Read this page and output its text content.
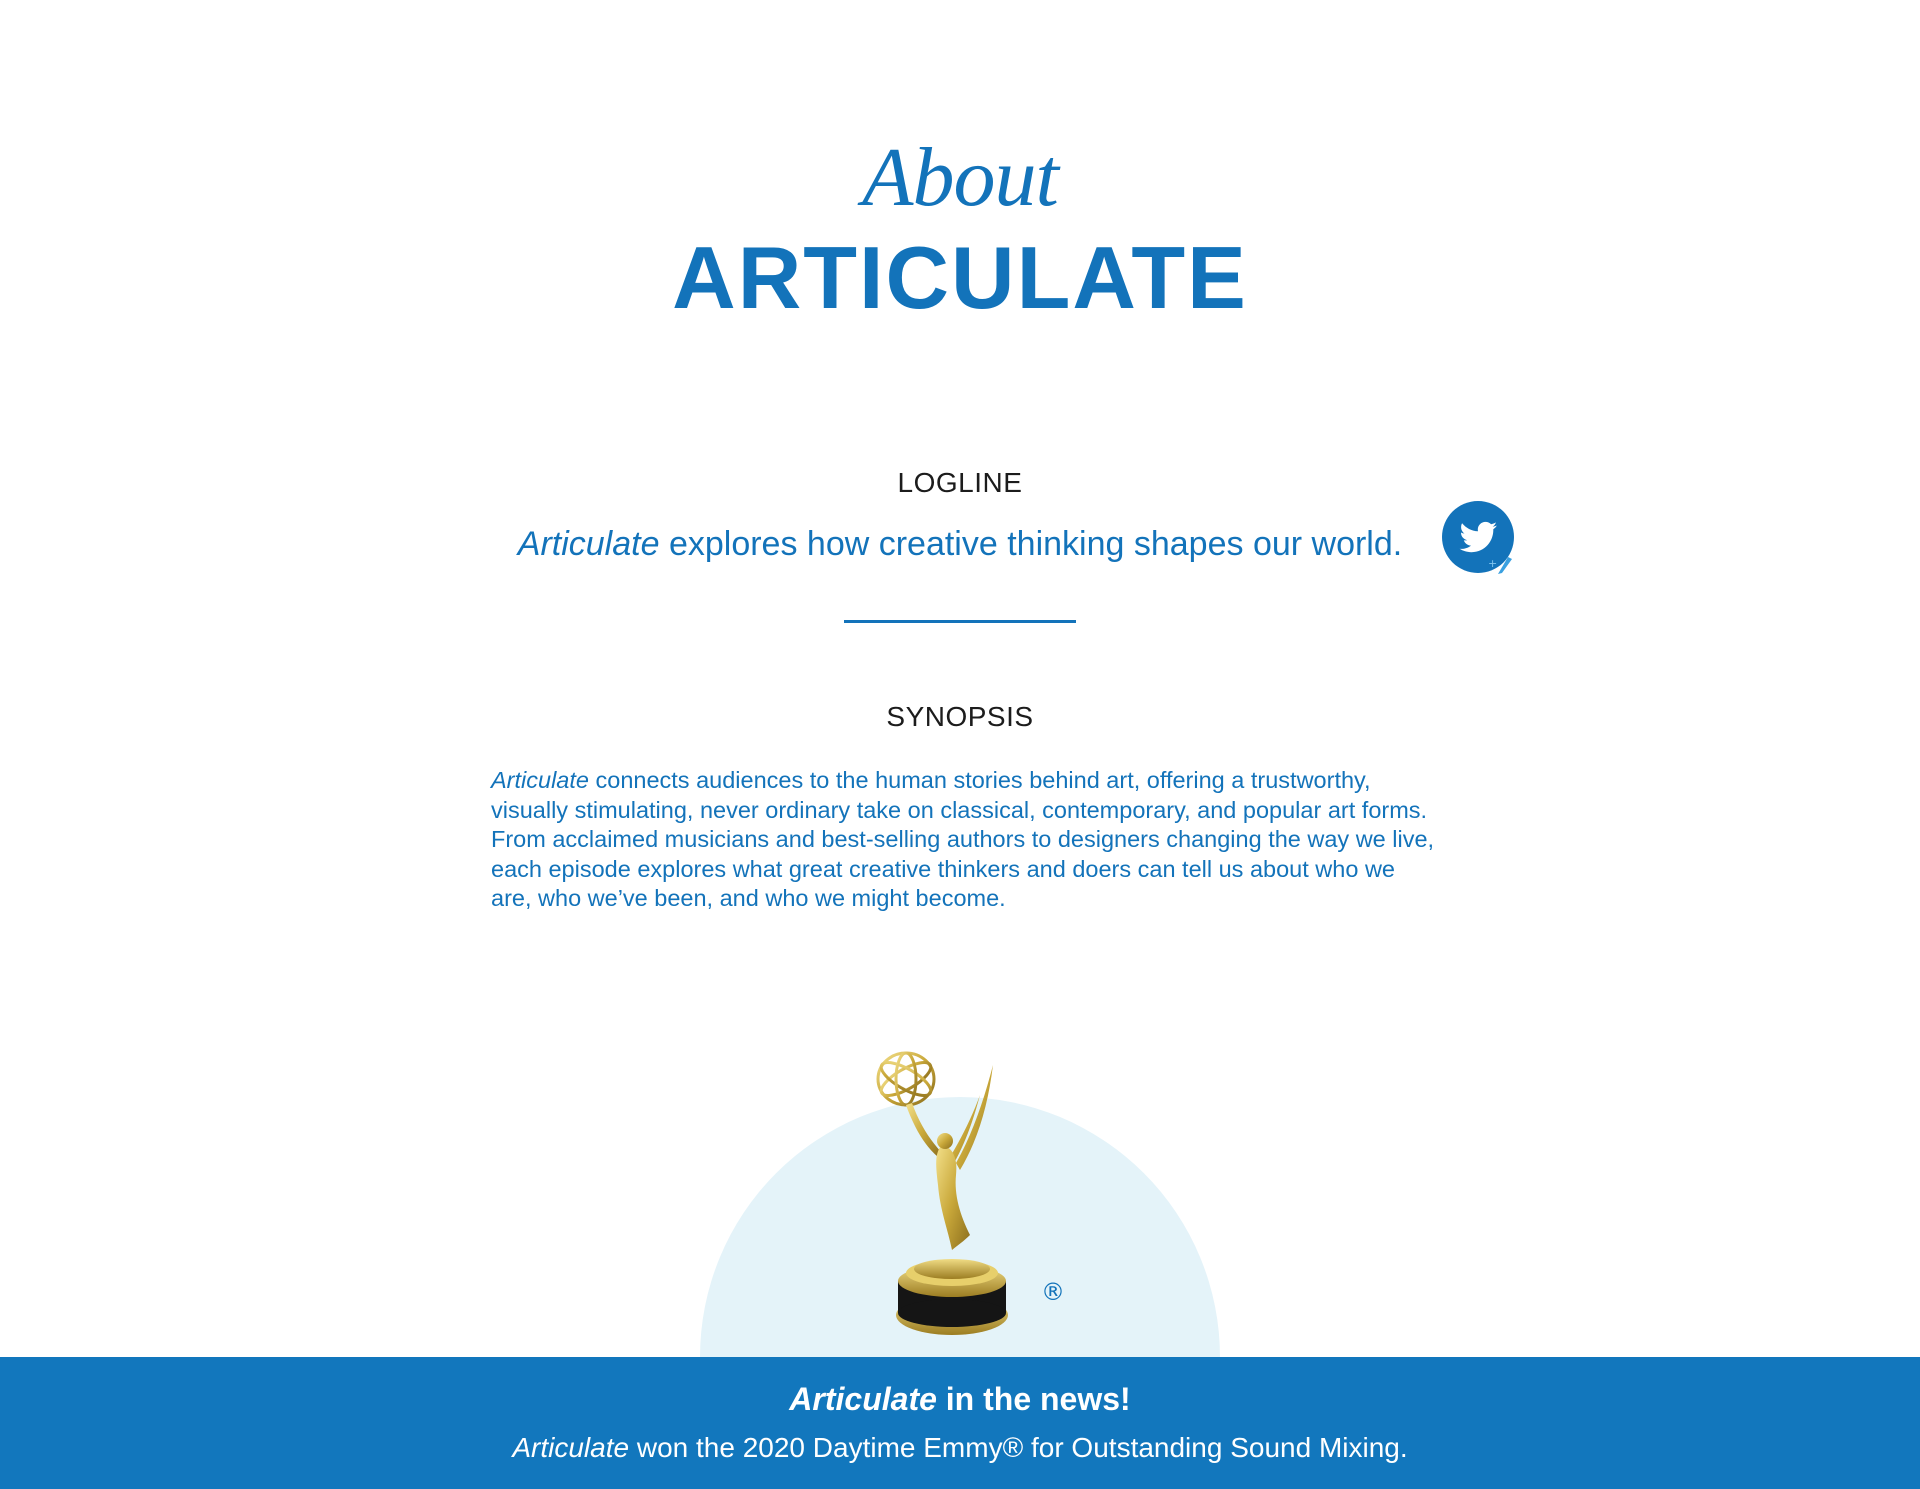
About
ARTICULATE
LOGLINE
Articulate explores how creative thinking shapes our world.
+
SYNOPSIS
Articulate connects audiences to the human stories behind art, offering a trustworthy, visually stimulating, never ordinary take on classical, contemporary, and popular art forms. From acclaimed musicians and best-selling authors to designers changing the way we live, each episode explores what great creative thinkers and doers can tell us about who we are, who we’ve been, and who we might become.
®
Articulate in the news!
Articulate won the 2020 Daytime Emmy® for Outstanding Sound Mixing.
